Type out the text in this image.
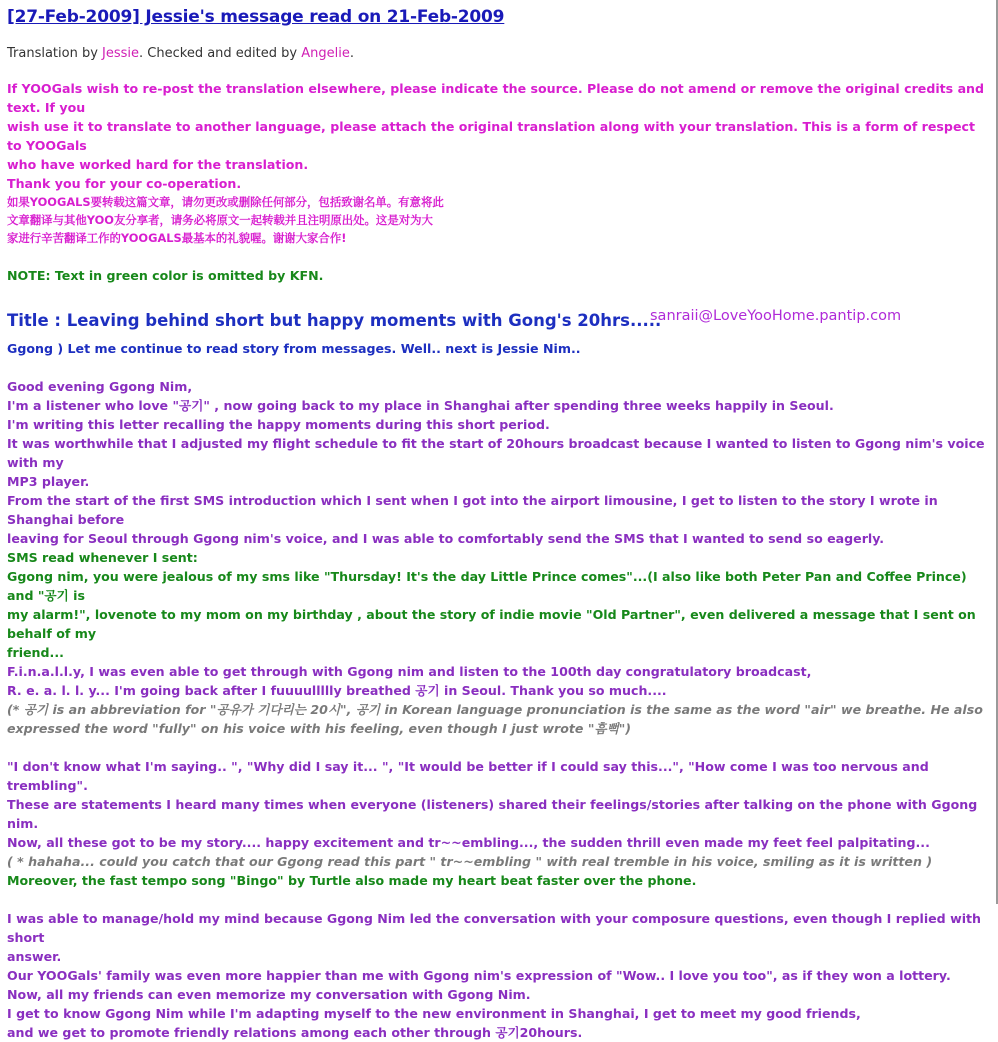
[27-Feb-2009] Jessie's message read on 21-Feb-2009
Translation by Jessie. Checked and edited by Angelie.
If YOOGals wish to re-post the translation elsewhere, please indicate the source. Please do not amend or remove the original credits and text. If you
wish use it to translate to another language, please attach the original translation along with your translation. This is a form of respect to YOOGals
who have worked hard for the translation.
Thank you for your co-operation.
如果YOOGALS要转载这篇文章，请勿更改或删除任何部分，包括致谢名单。有意将此
文章翻译与其他YOO友分享者，请务必将原文一起转载并且注明原出处。这是对为大
家进行辛苦翻译工作的YOOGALS最基本的礼貌喔。谢谢大家合作!
NOTE: Text in green color is omitted by KFN.
Title : Leaving behind short but happy moments with Gong's 20hrs.....
Ggong ) Let me continue to read story from messages. Well.. next is Jessie Nim..
Good evening Ggong Nim,
I'm a listener who love "공기" , now going back to my place in Shanghai after spending three weeks happily in Seoul.
I'm writing this letter recalling the happy moments during this short period.
It was worthwhile that I adjusted my flight schedule to fit the start of 20hours broadcast because I wanted to listen to Ggong nim's voice with my
MP3 player.
From the start of the first SMS introduction which I sent when I got into the airport limousine, I get to listen to the story I wrote in Shanghai before
leaving for Seoul through Ggong nim's voice, and I was able to comfortably send the SMS that I wanted to send so eagerly.
SMS read whenever I sent:
Ggong nim, you were jealous of my sms like "Thursday! It's the day Little Prince comes"...(I also like both Peter Pan and Coffee Prince) and "공기 is
my alarm!", lovenote to my mom on my birthday , about the story of indie movie "Old Partner", even delivered a message that I sent on behalf of my
friend...
F.i.n.a.l.l.y, I was even able to get through with Ggong nim and listen to the 100th day congratulatory broadcast,
R. e. a. l. l. y... I'm going back after I fuuuullllly breathed 공기 in Seoul. Thank you so much....
(* 공기 is an abbreviation for "공유가 기다리는 20시", 공기 in Korean language pronunciation is the same as the word "air" we breathe. He also
expressed the word "fully" on his voice with his feeling, even though I just wrote "흠뻑")
"I don't know what I'm saying.. ", "Why did I say it... ", "It would be better if I could say this...", "How come I was too nervous and trembling".
These are statements I heard many times when everyone (listeners) shared their feelings/stories after talking on the phone with Ggong nim.
Now, all these got to be my story.... happy excitement and tr~~embling..., the sudden thrill even made my feet feel palpitating...
( * hahaha... could you catch that our Ggong read this part " tr~~embling " with real tremble in his voice, smiling as it is written )
Moreover, the fast tempo song "Bingo" by Turtle also made my heart beat faster over the phone.
I was able to manage/hold my mind because Ggong Nim led the conversation with your composure questions, even though I replied with short
answer.
Our YOOGals' family was even more happier than me with Ggong nim's expression of "Wow.. I love you too", as if they won a lottery.
Now, all my friends can even memorize my conversation with Ggong Nim.
I get to know Ggong Nim while I'm adapting myself to the new environment in Shanghai, I get to meet my good friends,
and we get to promote friendly relations among each other through 공기20hours.
sanraii@LoveYooHome.pantip.com
